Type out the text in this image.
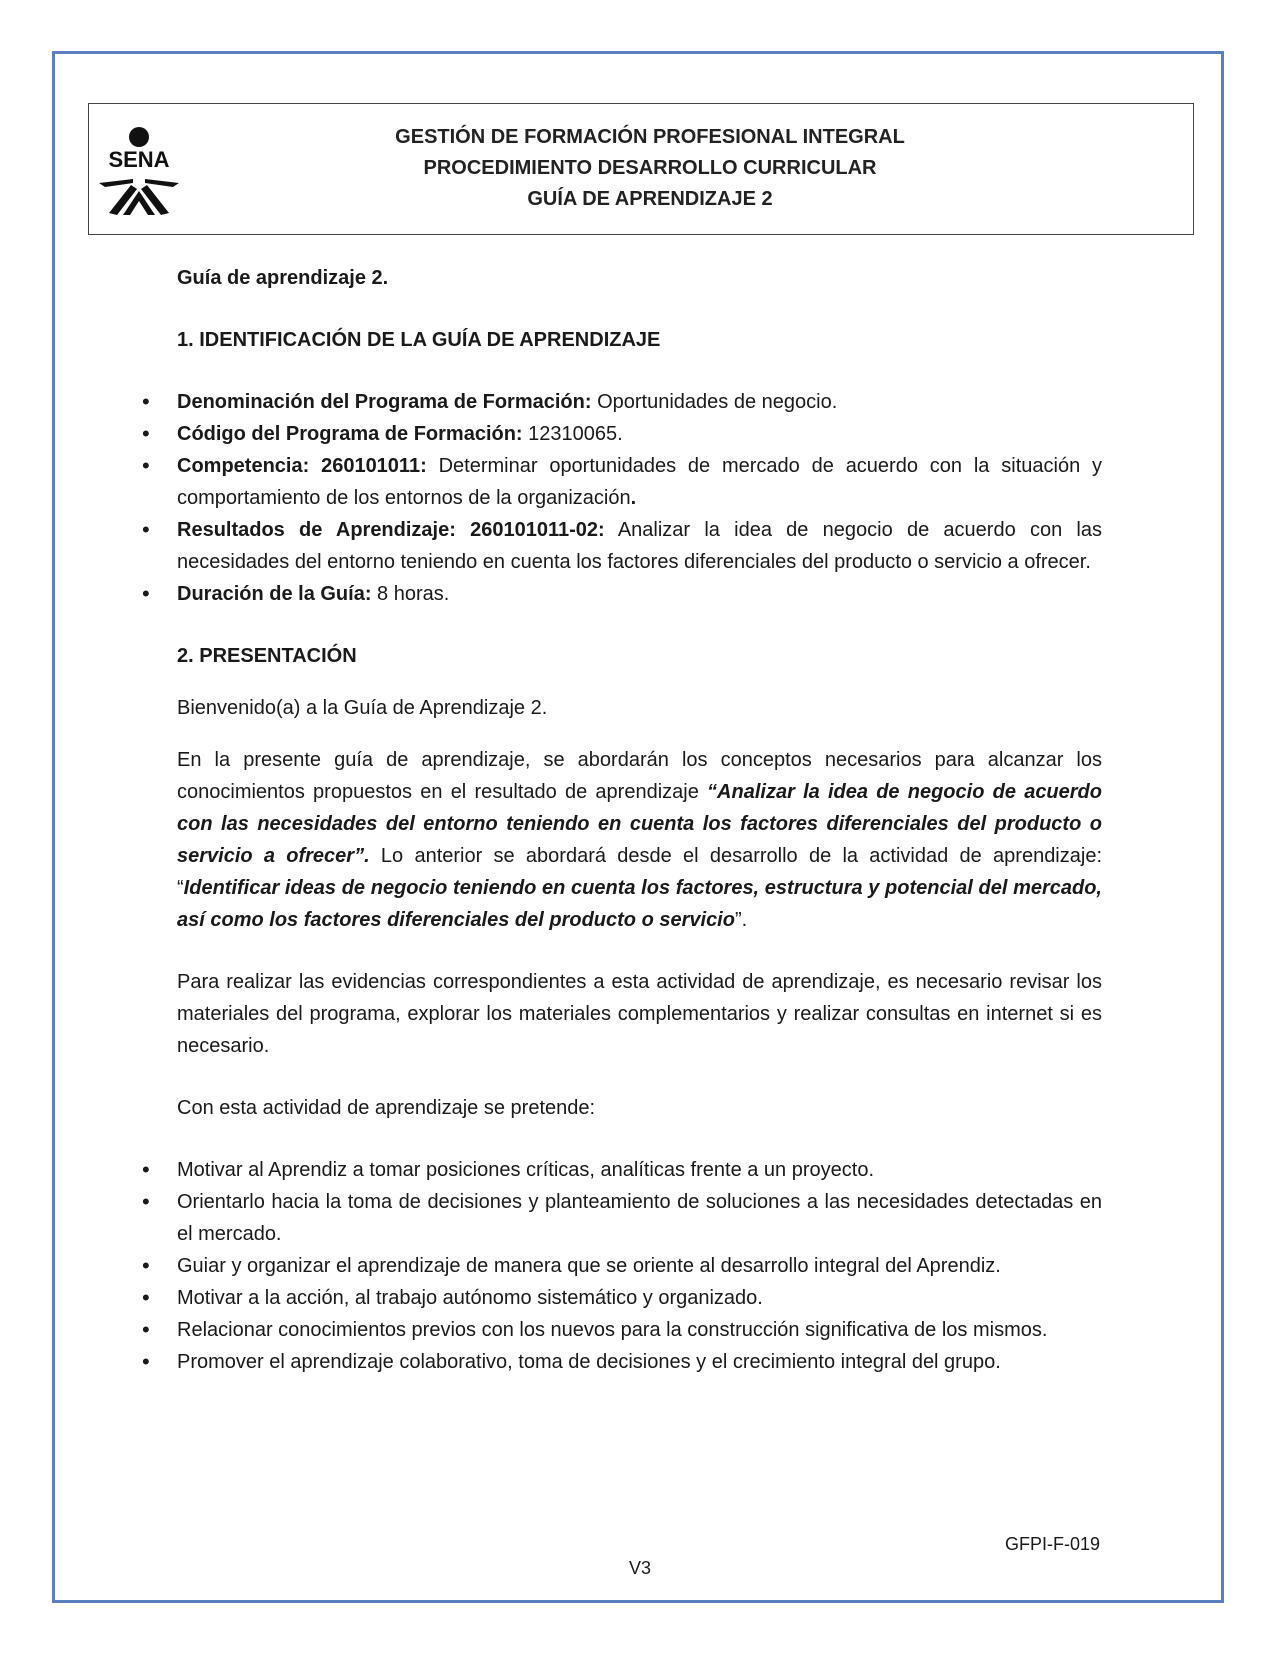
SENA
GESTIÓN DE FORMACIÓN PROFESIONAL INTEGRAL
PROCEDIMIENTO DESARROLLO CURRICULAR
GUÍA DE APRENDIZAJE 2

Guía de aprendizaje 2.

1. IDENTIFICACIÓN DE LA GUÍA DE APRENDIZAJE

• Denominación del Programa de Formación: Oportunidades de negocio.
• Código del Programa de Formación: 12310065.
• Competencia: 260101011: Determinar oportunidades de mercado de acuerdo con la situación y comportamiento de los entornos de la organización.
• Resultados de Aprendizaje: 260101011-02: Analizar la idea de negocio de acuerdo con las necesidades del entorno teniendo en cuenta los factores diferenciales del producto o servicio a ofrecer.
• Duración de la Guía: 8 horas.

2. PRESENTACIÓN

Bienvenido(a) a la Guía de Aprendizaje 2.

En la presente guía de aprendizaje, se abordarán los conceptos necesarios para alcanzar los conocimientos propuestos en el resultado de aprendizaje “Analizar la idea de negocio de acuerdo con las necesidades del entorno teniendo en cuenta los factores diferenciales del producto o servicio a ofrecer”. Lo anterior se abordará desde el desarrollo de la actividad de aprendizaje: “Identificar ideas de negocio teniendo en cuenta los factores, estructura y potencial del mercado, así como los factores diferenciales del producto o servicio”.

Para realizar las evidencias correspondientes a esta actividad de aprendizaje, es necesario revisar los materiales del programa, explorar los materiales complementarios y realizar consultas en internet si es necesario.

Con esta actividad de aprendizaje se pretende:

• Motivar al Aprendiz a tomar posiciones críticas, analíticas frente a un proyecto.
• Orientarlo hacia la toma de decisiones y planteamiento de soluciones a las necesidades detectadas en el mercado.
• Guiar y organizar el aprendizaje de manera que se oriente al desarrollo integral del Aprendiz.
• Motivar a la acción, al trabajo autónomo sistemático y organizado.
• Relacionar conocimientos previos con los nuevos para la construcción significativa de los mismos.
• Promover el aprendizaje colaborativo, toma de decisiones y el crecimiento integral del grupo.
GFPI-F-019
V3
